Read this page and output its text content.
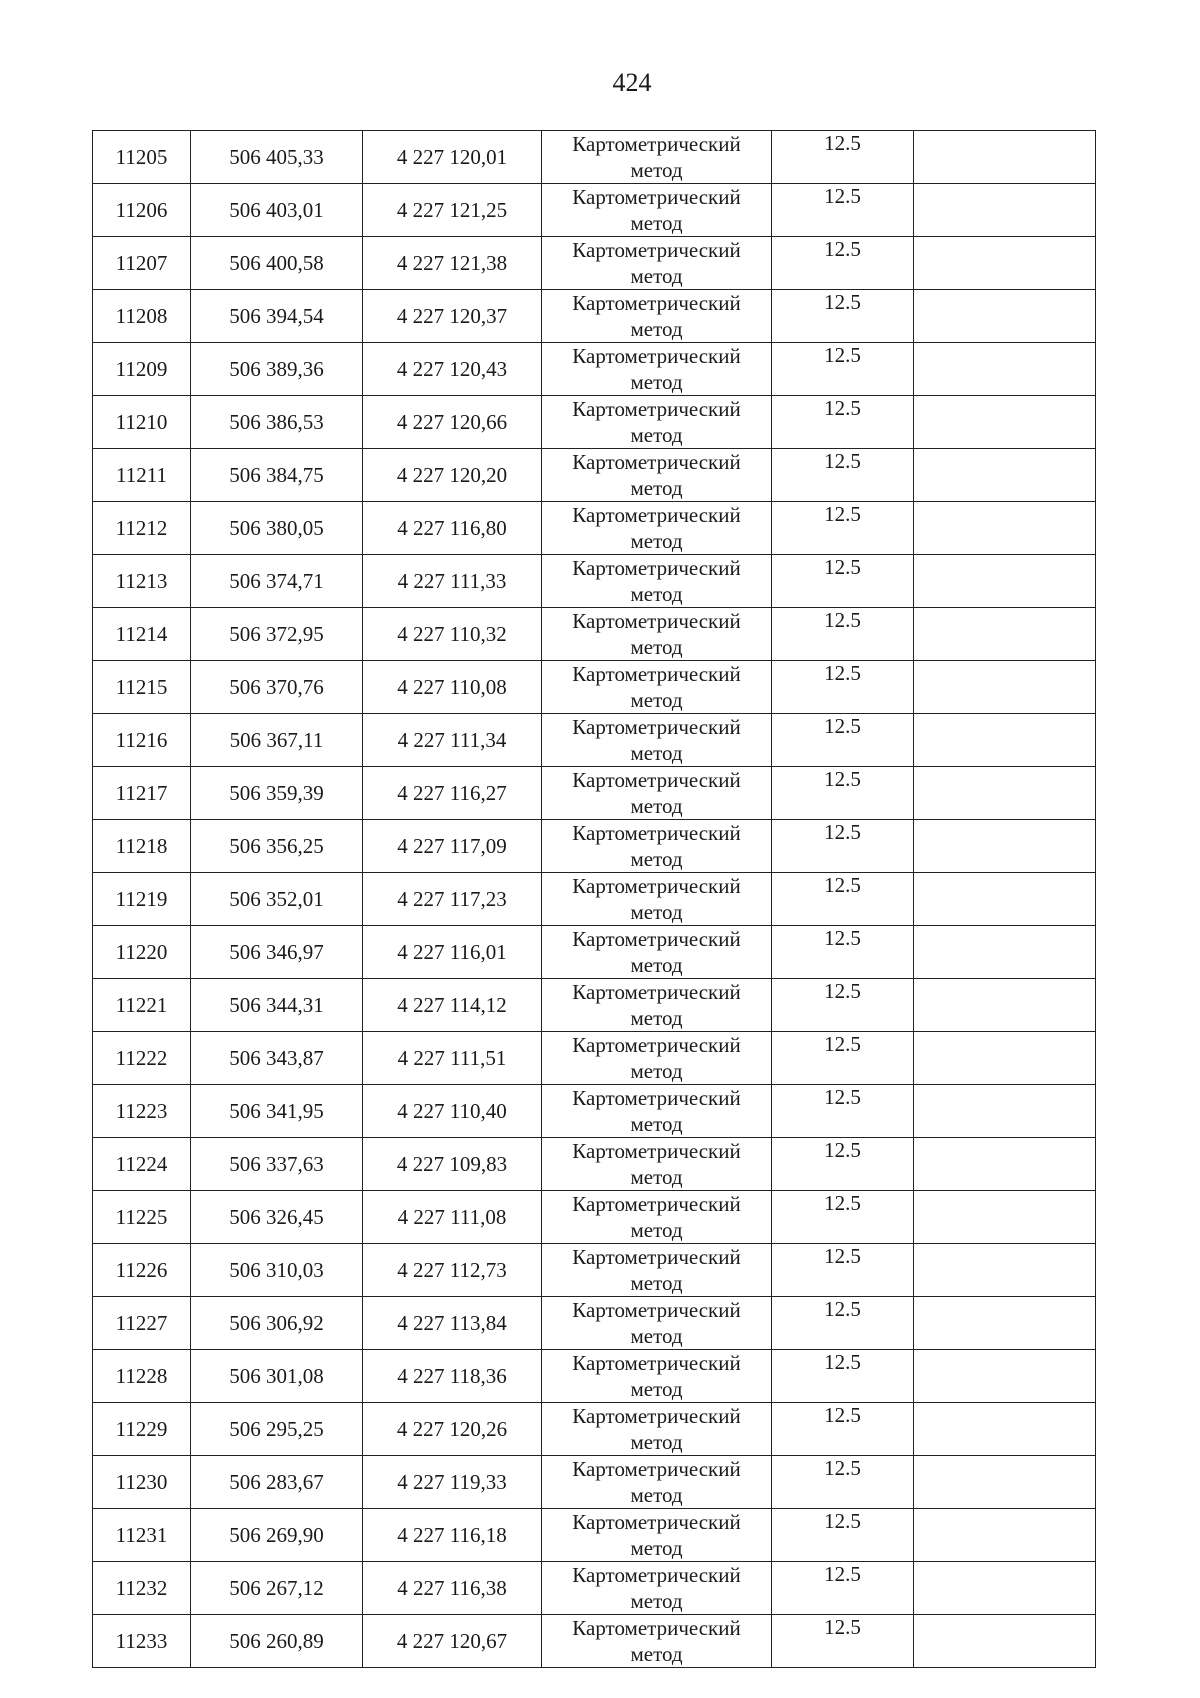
424
11205	506 405,33	4 227 120,01	Картометрический
метод	12.5	
11206	506 403,01	4 227 121,25	Картометрический
метод	12.5	
11207	506 400,58	4 227 121,38	Картометрический
метод	12.5	
11208	506 394,54	4 227 120,37	Картометрический
метод	12.5	
11209	506 389,36	4 227 120,43	Картометрический
метод	12.5	
11210	506 386,53	4 227 120,66	Картометрический
метод	12.5	
11211	506 384,75	4 227 120,20	Картометрический
метод	12.5	
11212	506 380,05	4 227 116,80	Картометрический
метод	12.5	
11213	506 374,71	4 227 111,33	Картометрический
метод	12.5	
11214	506 372,95	4 227 110,32	Картометрический
метод	12.5	
11215	506 370,76	4 227 110,08	Картометрический
метод	12.5	
11216	506 367,11	4 227 111,34	Картометрический
метод	12.5	
11217	506 359,39	4 227 116,27	Картометрический
метод	12.5	
11218	506 356,25	4 227 117,09	Картометрический
метод	12.5	
11219	506 352,01	4 227 117,23	Картометрический
метод	12.5	
11220	506 346,97	4 227 116,01	Картометрический
метод	12.5	
11221	506 344,31	4 227 114,12	Картометрический
метод	12.5	
11222	506 343,87	4 227 111,51	Картометрический
метод	12.5	
11223	506 341,95	4 227 110,40	Картометрический
метод	12.5	
11224	506 337,63	4 227 109,83	Картометрический
метод	12.5	
11225	506 326,45	4 227 111,08	Картометрический
метод	12.5	
11226	506 310,03	4 227 112,73	Картометрический
метод	12.5	
11227	506 306,92	4 227 113,84	Картометрический
метод	12.5	
11228	506 301,08	4 227 118,36	Картометрический
метод	12.5	
11229	506 295,25	4 227 120,26	Картометрический
метод	12.5	
11230	506 283,67	4 227 119,33	Картометрический
метод	12.5	
11231	506 269,90	4 227 116,18	Картометрический
метод	12.5	
11232	506 267,12	4 227 116,38	Картометрический
метод	12.5	
11233	506 260,89	4 227 120,67	Картометрический
метод	12.5	
